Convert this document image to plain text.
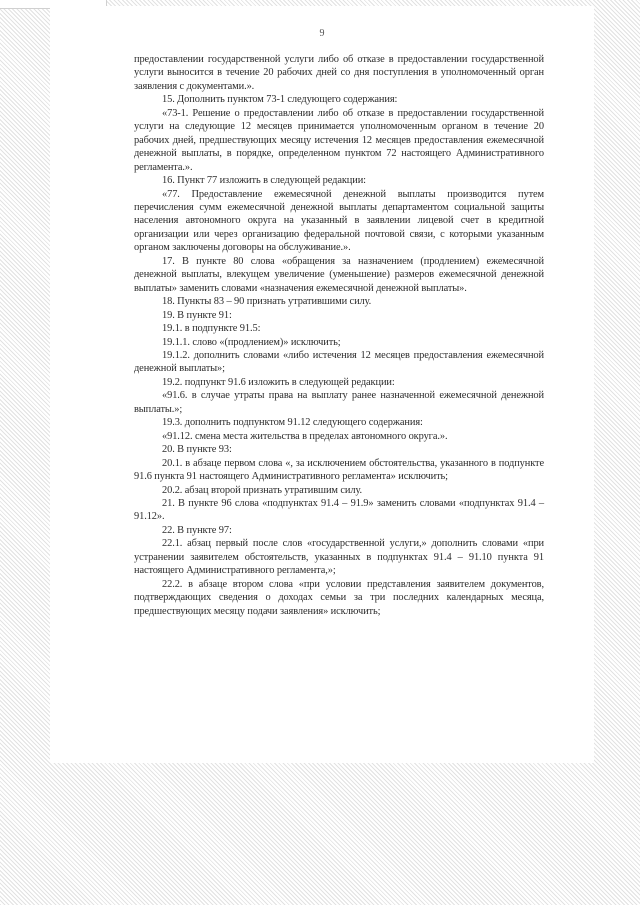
9

предоставлении государственной услуги либо об отказе в предоставлении государственной услуги выносится в течение 20 рабочих дней со дня поступления в уполномоченный орган заявления с документами.».

15. Дополнить пунктом 73-1 следующего содержания:

«73-1. Решение о предоставлении либо об отказе в предоставлении государственной услуги на следующие 12 месяцев принимается уполномоченным органом в течение 20 рабочих дней, предшествующих месяцу истечения 12 месяцев предоставления ежемесячной денежной выплаты, в порядке, определенном пунктом 72 настоящего Административного регламента.».

16. Пункт 77 изложить в следующей редакции:

«77. Предоставление ежемесячной денежной выплаты производится путем перечисления сумм ежемесячной денежной выплаты департаментом социальной защиты населения автономного округа на указанный в заявлении лицевой счет в кредитной организации или через организацию федеральной почтовой связи, с которыми указанным органом заключены договоры на обслуживание.».

17. В пункте 80 слова «обращения за назначением (продлением) ежемесячной денежной выплаты, влекущем увеличение (уменьшение) размеров ежемесячной денежной выплаты» заменить словами «назначения ежемесячной денежной выплаты».

18. Пункты 83 – 90 признать утратившими силу.

19. В пункте 91:

19.1. в подпункте 91.5:

19.1.1. слово «(продлением)» исключить;

19.1.2. дополнить словами «либо истечения 12 месяцев предоставления ежемесячной денежной выплаты»;

19.2. подпункт 91.6 изложить в следующей редакции:

«91.6. в случае утраты права на выплату ранее назначенной ежемесячной денежной выплаты.»;

19.3. дополнить подпунктом 91.12 следующего содержания:

«91.12. смена места жительства в пределах автономного округа.».

20. В пункте 93:

20.1. в абзаце первом слова «, за исключением обстоятельства, указанного в подпункте 91.6 пункта 91 настоящего Административного регламента» исключить;

20.2. абзац второй признать утратившим силу.

21. В пункте 96 слова «подпунктах 91.4 – 91.9» заменить словами «подпунктах 91.4 – 91.12».

22. В пункте 97:

22.1. абзац первый после слов «государственной услуги,» дополнить словами «при устранении заявителем обстоятельств, указанных в подпунктах 91.4 – 91.10 пункта 91 настоящего Административного регламента,»;

22.2. в абзаце втором слова «при условии представления заявителем документов, подтверждающих сведения о доходах семьи за три последних календарных месяца, предшествующих месяцу подачи заявления» исключить;
